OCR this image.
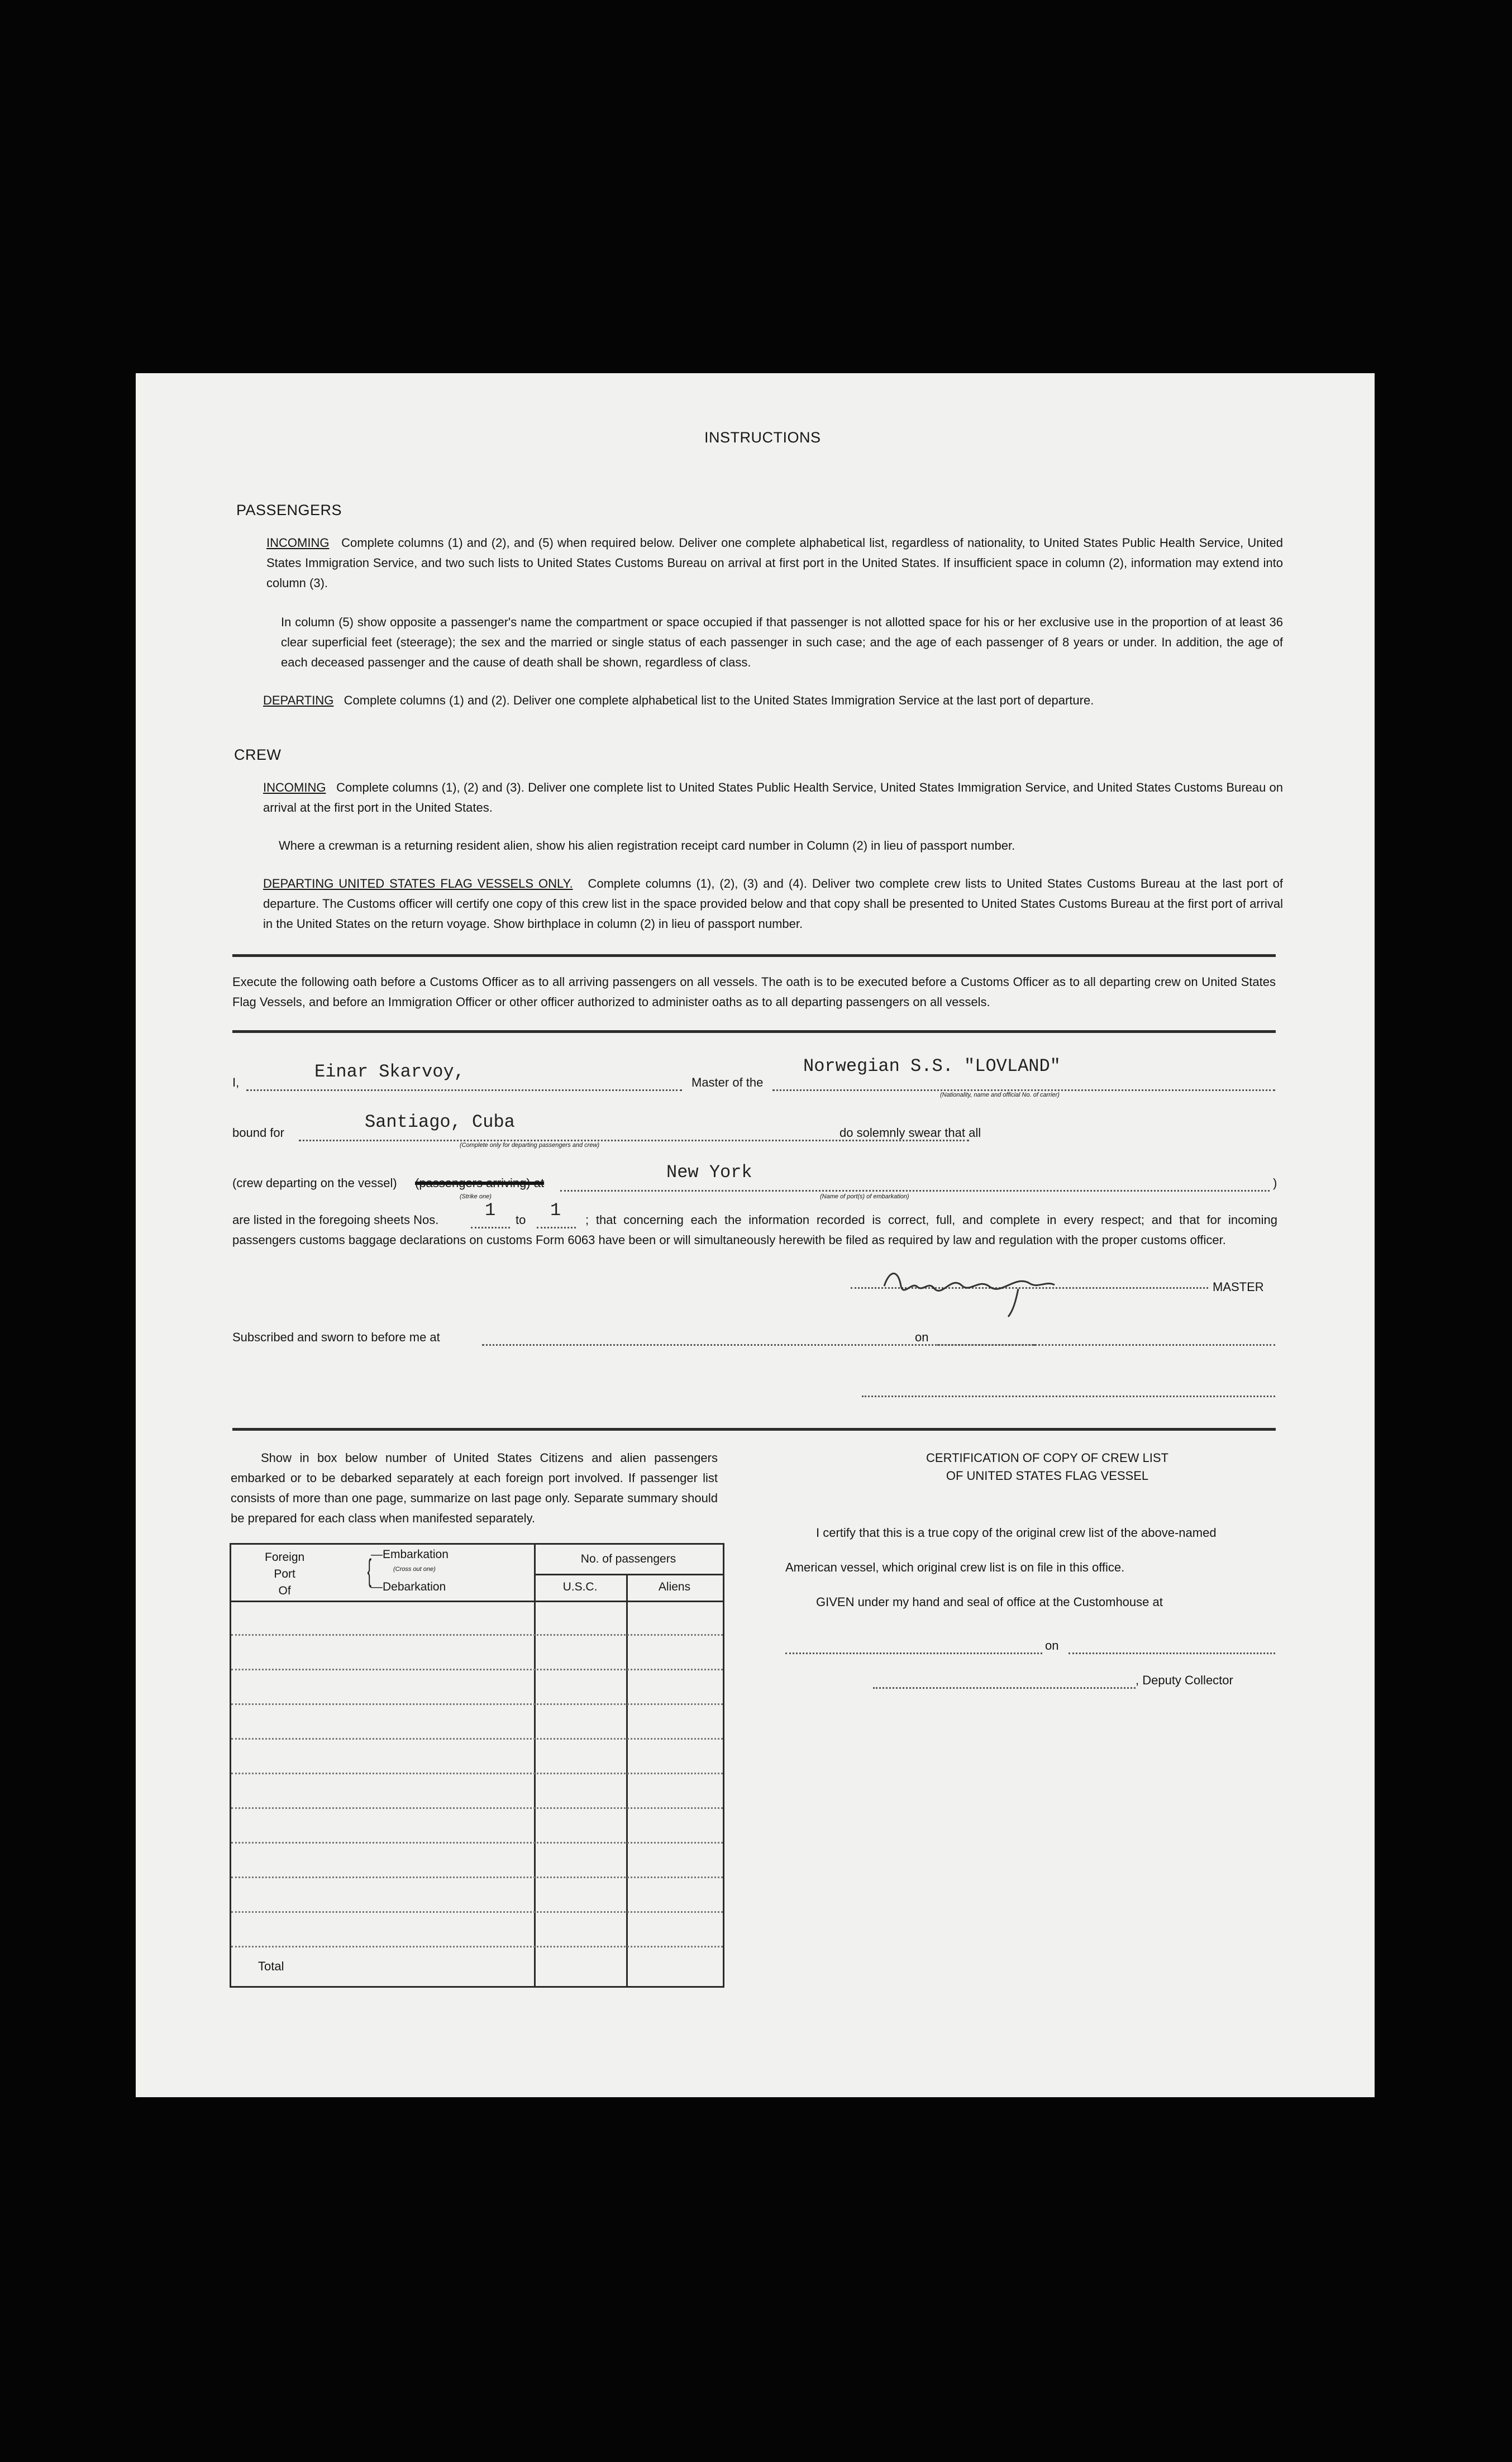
INSTRUCTIONS
PASSENGERS
INCOMING Complete columns (1) and (2), and (5) when required below. Deliver one complete alphabetical list, regardless of nationality, to United States Public Health Service, United States Immigration Service, and two such lists to United States Customs Bureau on arrival at first port in the United States. If insufficient space in column (2), information may extend into column (3).
In column (5) show opposite a passenger's name the compartment or space occupied if that passenger is not allotted space for his or her exclusive use in the proportion of at least 36 clear superficial feet (steerage); the sex and the married or single status of each passenger in such case; and the age of each passenger of 8 years or under. In addition, the age of each deceased passenger and the cause of death shall be shown, regardless of class.
DEPARTING Complete columns (1) and (2). Deliver one complete alphabetical list to the United States Immigration Service at the last port of departure.
CREW
INCOMING Complete columns (1), (2) and (3). Deliver one complete list to United States Public Health Service, United States Immigration Service, and United States Customs Bureau on arrival at the first port in the United States.
Where a crewman is a returning resident alien, show his alien registration receipt card number in Column (2) in lieu of passport number.
DEPARTING UNITED STATES FLAG VESSELS ONLY. Complete columns (1), (2), (3) and (4). Deliver two complete crew lists to United States Customs Bureau at the last port of departure. The Customs officer will certify one copy of this crew list in the space provided below and that copy shall be presented to United States Customs Bureau at the first port of arrival in the United States on the return voyage. Show birthplace in column (2) in lieu of passport number.
Execute the following oath before a Customs Officer as to all arriving passengers on all vessels. The oath is to be executed before a Customs Officer as to all departing crew on United States Flag Vessels, and before an Immigration Officer or other officer authorized to administer oaths as to all departing passengers on all vessels.
I,
Einar Skarvoy,
Master of the
Norwegian S.S. "LOVLAND"
(Nationality, name and official No. of carrier)
bound for
Santiago, Cuba
(Complete only for departing passengers and crew)
do solemnly swear that all
(crew departing on the vessel) (passengers arriving) at
(Strike one)
New York
(Name of port(s) of embarkation)
)
are listed in the foregoing sheets Nos.	1 to 1	; that concerning each the information recorded is correct, full, and complete in every respect; and that for incoming passengers customs baggage declarations on customs Form 6063 have been or will simultaneously herewith be filed as required by law and regulation with the proper customs officer.
MASTER
Subscribed and sworn to before me at	on
Show in box below number of United States Citizens and alien passengers embarked or to be debarked separately at each foreign port involved. If passenger list consists of more than one page, summarize on last page only. Separate summary should be prepared for each class when manifested separately.
Foreign
Port
Of
{
—Embarkation
(Cross out one)
—Debarkation
No. of passengers
U.S.C.	Aliens
Total
CERTIFICATION OF COPY OF CREW LIST
OF UNITED STATES FLAG VESSEL
I certify that this is a true copy of the original crew list of the above-named
American vessel, which original crew list is on file in this office.
GIVEN under my hand and seal of office at the Customhouse at
on
, Deputy Collector
